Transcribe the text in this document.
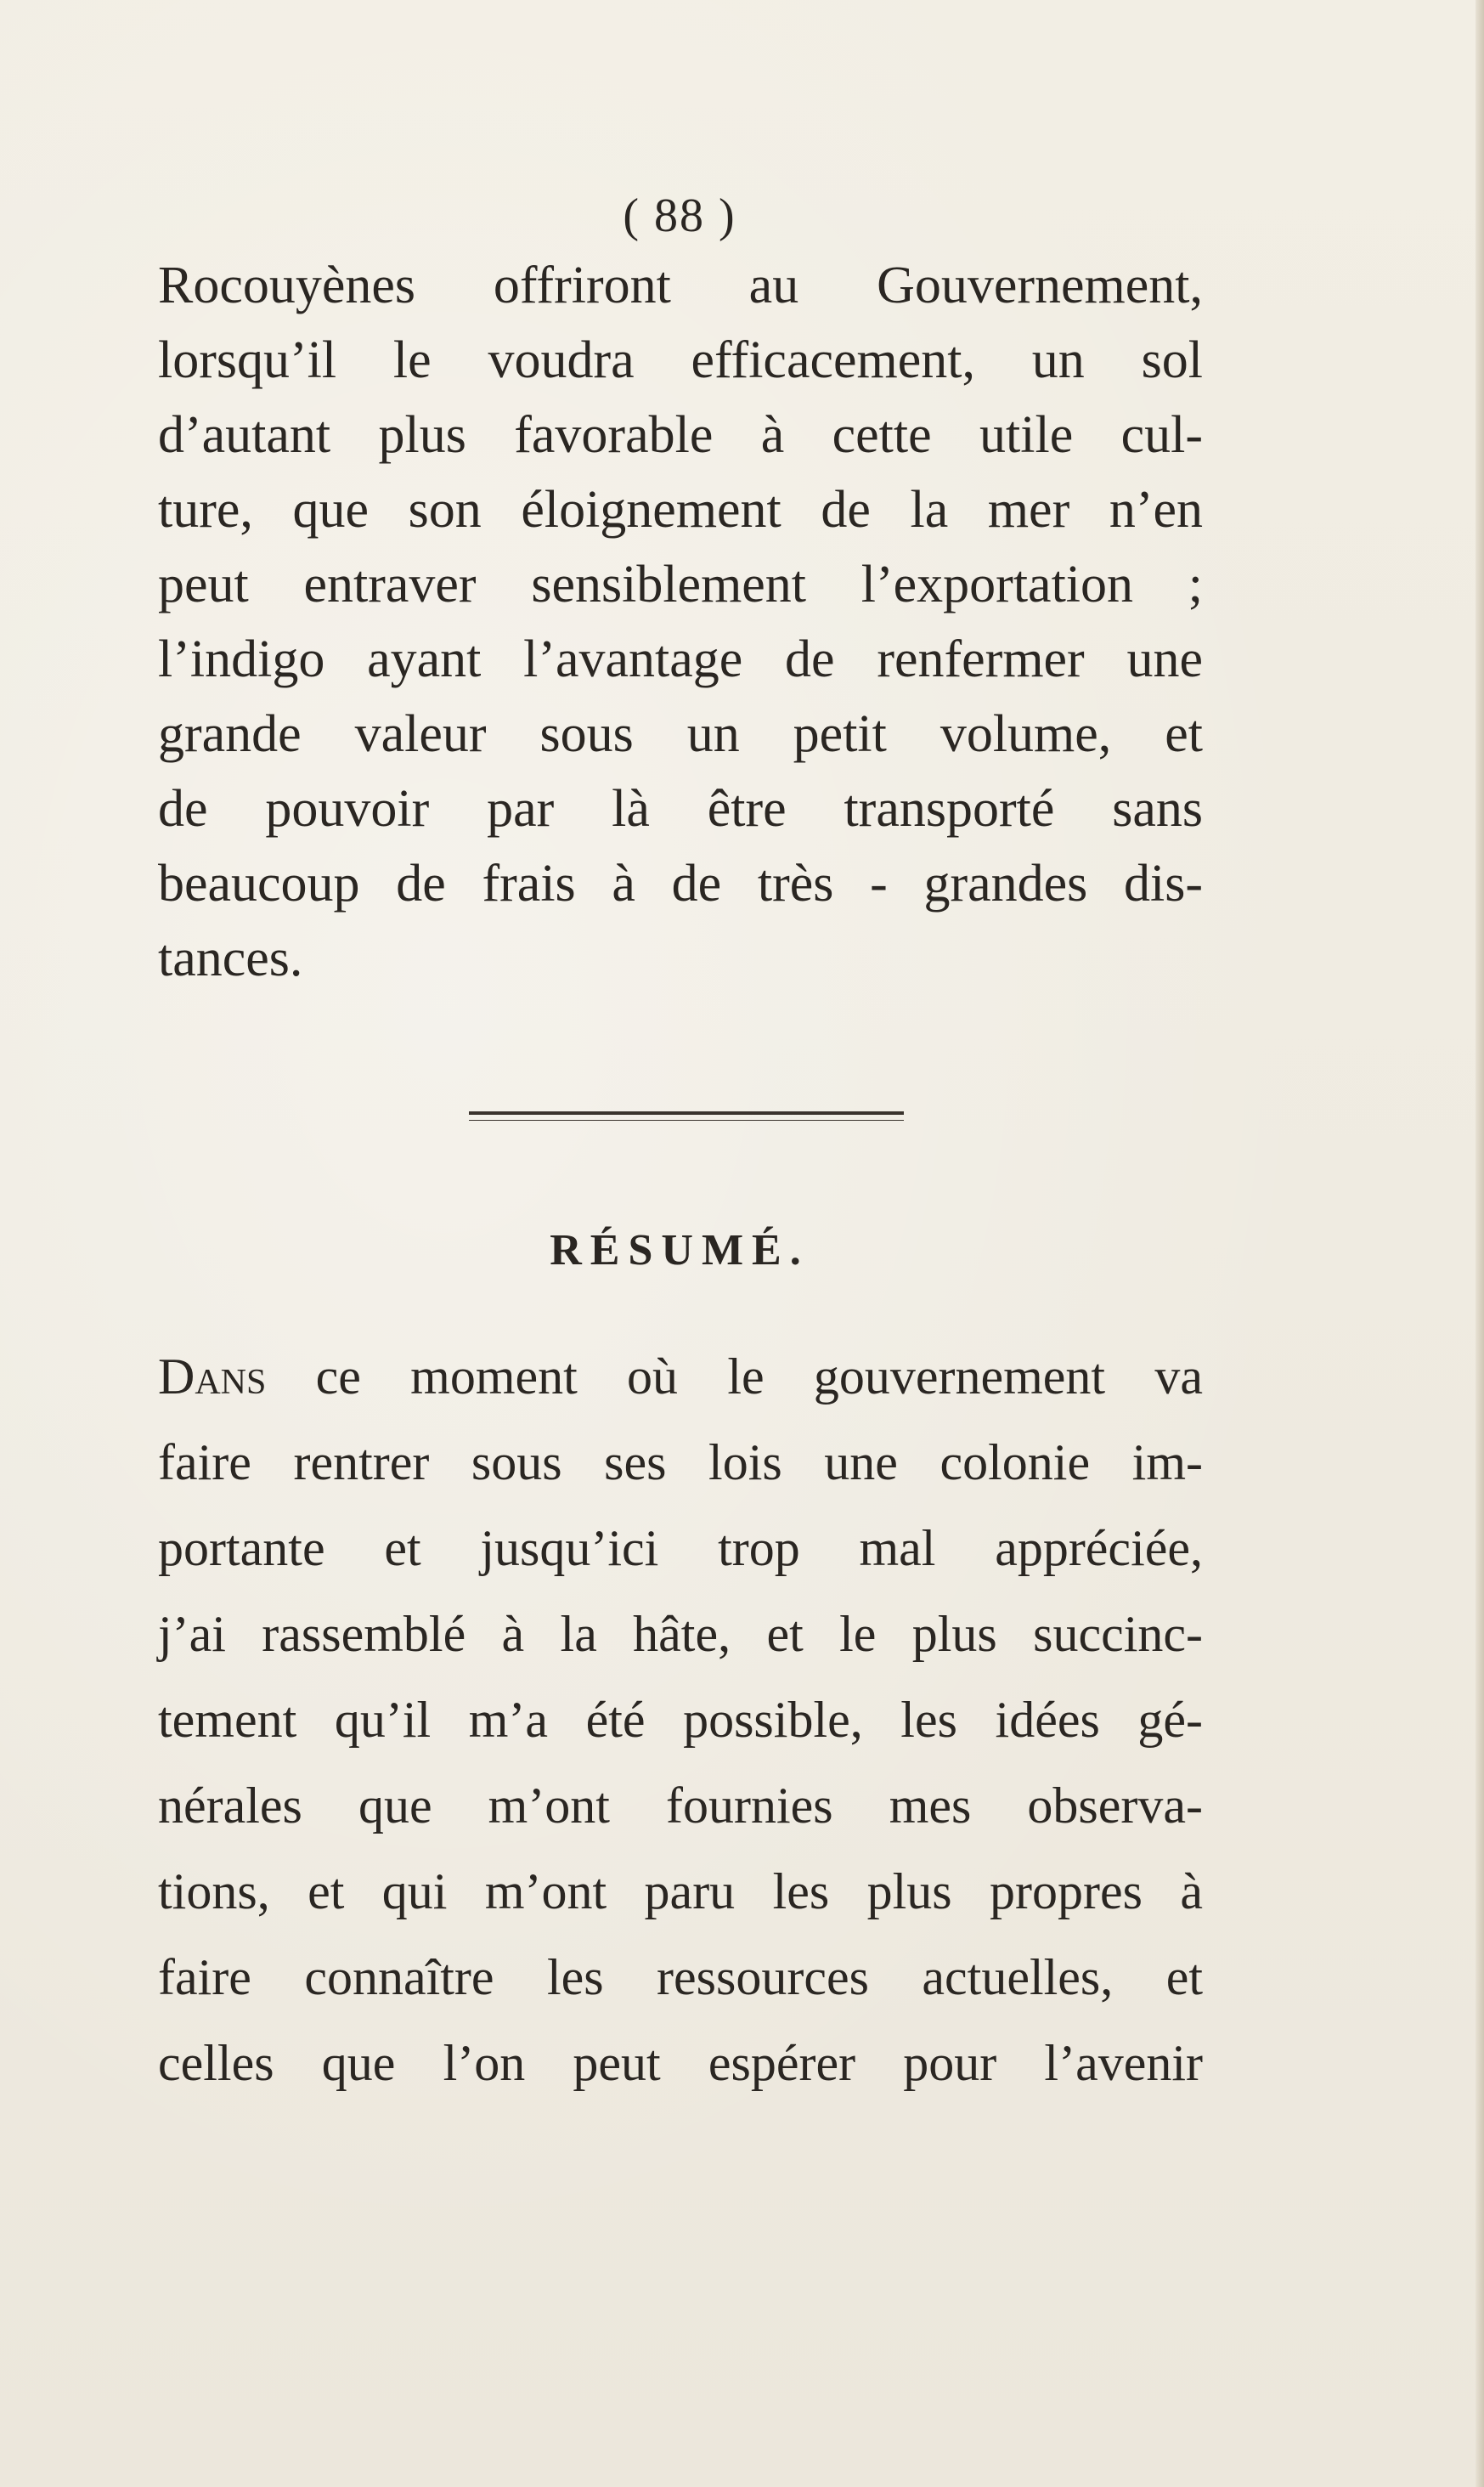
( 88 )
Rocouyènes offriront au Gouvernement,
lorsqu’il le voudra efficacement, un sol
d’autant plus favorable à cette utile cul-
ture, que son éloignement de la mer n’en
peut entraver sensiblement l’exportation ;
l’indigo ayant l’avantage de renfermer une
grande valeur sous un petit volume, et
de pouvoir par là être transporté sans
beaucoup de frais à de très - grandes dis-
tances.
RÉSUMÉ.
Dans ce moment où le gouvernement va
faire rentrer sous ses lois une colonie im-
portante et jusqu’ici trop mal appréciée,
j’ai rassemblé à la hâte, et le plus succinc-
tement qu’il m’a été possible, les idées gé-
nérales que m’ont fournies mes observa-
tions, et qui m’ont paru les plus propres à
faire connaître les ressources actuelles, et
celles que l’on peut espérer pour l’avenir
